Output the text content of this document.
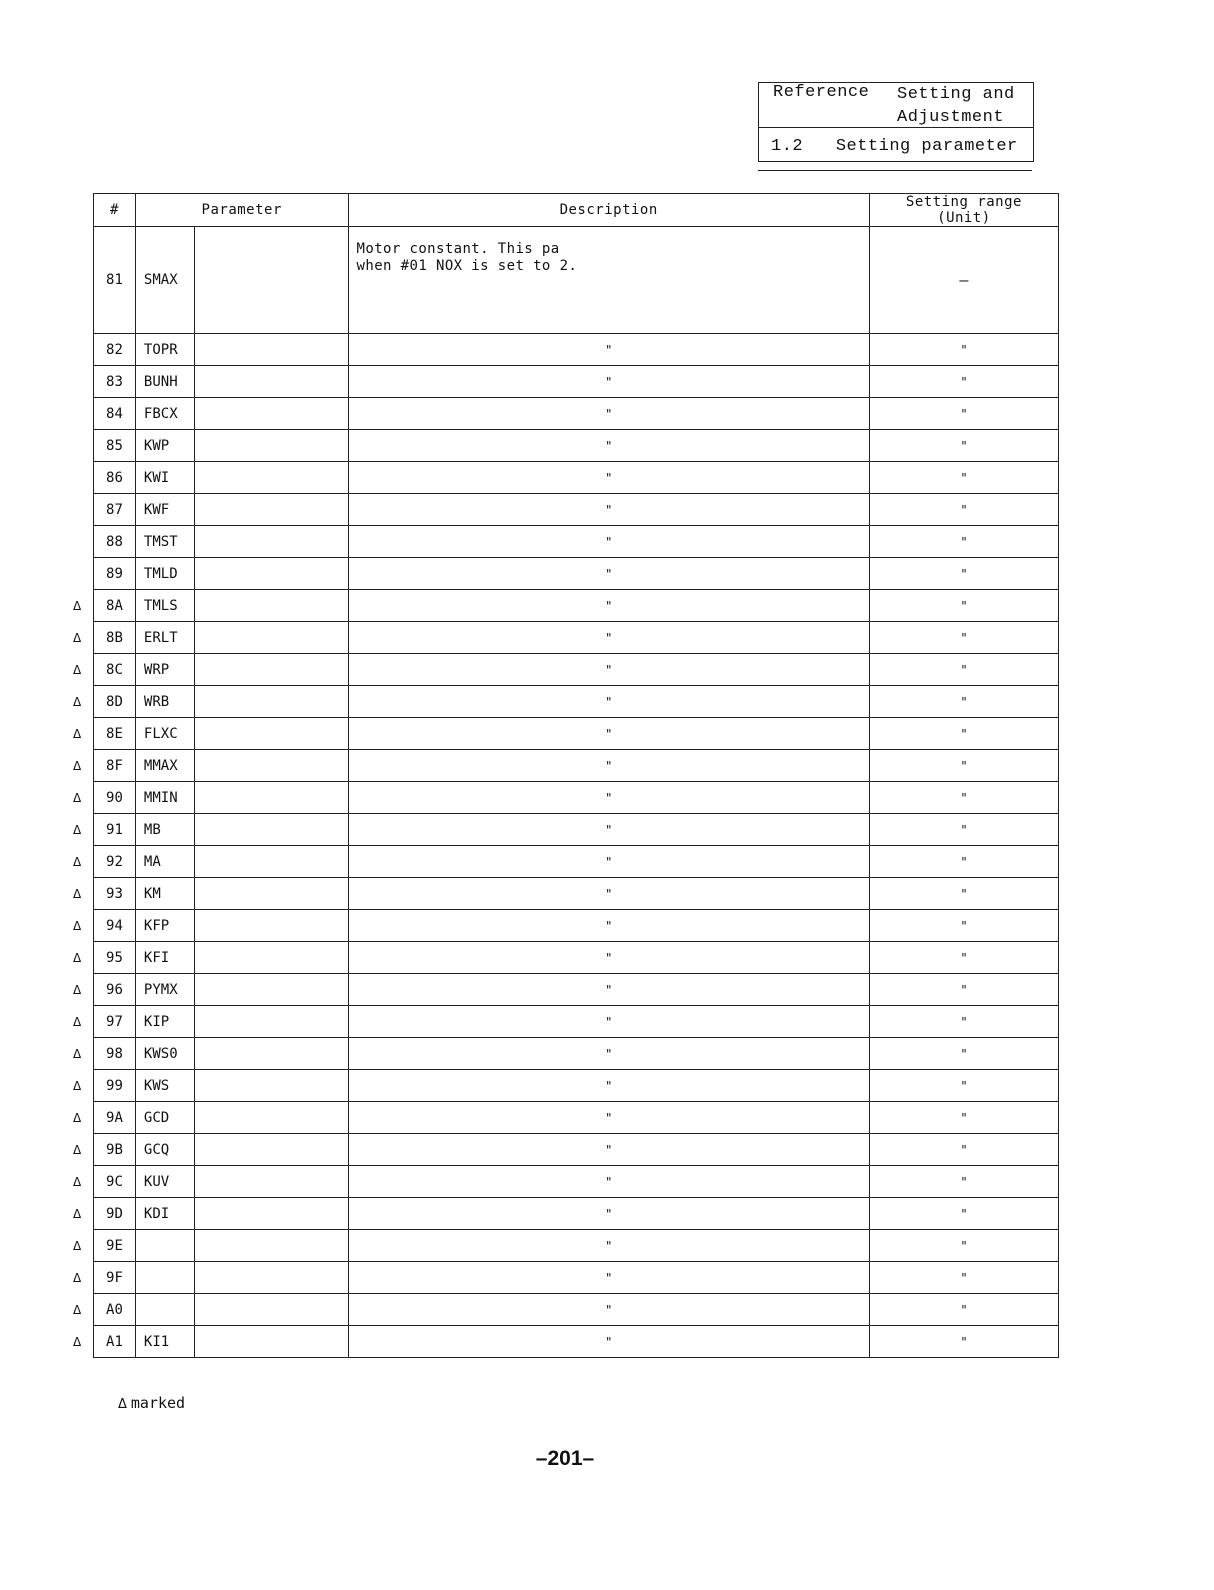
Reference Setting and
Adjustment
1.2 Setting parameter
#	Parameter		Description	Setting range
(Unit)

81	SMAX		Motor constant. This pa
when #01 NOX is set to 2.	–
82	TOPR		"	"
83	BUNH		"	"
84	FBCX		"	"
85	KWP		"	"
86	KWI		"	"
87	KWF		"	"
88	TMST		"	"
89	TMLD		"	"

Δ 8A	TMLS		"	"

Δ 8B	ERLT		"	"

Δ 8C	WRP		"	"

Δ 8D	WRB		"	"

Δ 8E	FLXC		"	"

Δ 8F	MMAX		"	"

Δ 90	MMIN		"	"

Δ 91	MB		"	"

Δ 92	MA		"	"

Δ 93	KM		"	"

Δ 94	KFP		"	"

Δ 95	KFI		"	"

Δ 96	PYMX		"	"

Δ 97	KIP		"	"

Δ 98	KWS0		"	"

Δ 99	KWS		"	"

Δ 9A	GCD		"	"

Δ 9B	GCQ		"	"

Δ 9C	KUV		"	"

Δ 9D	KDI		"	"

Δ 9E			"	"

Δ 9F			"	"

Δ A0			"	"

Δ A1	KI1		"	"
Δ marked
–201–
